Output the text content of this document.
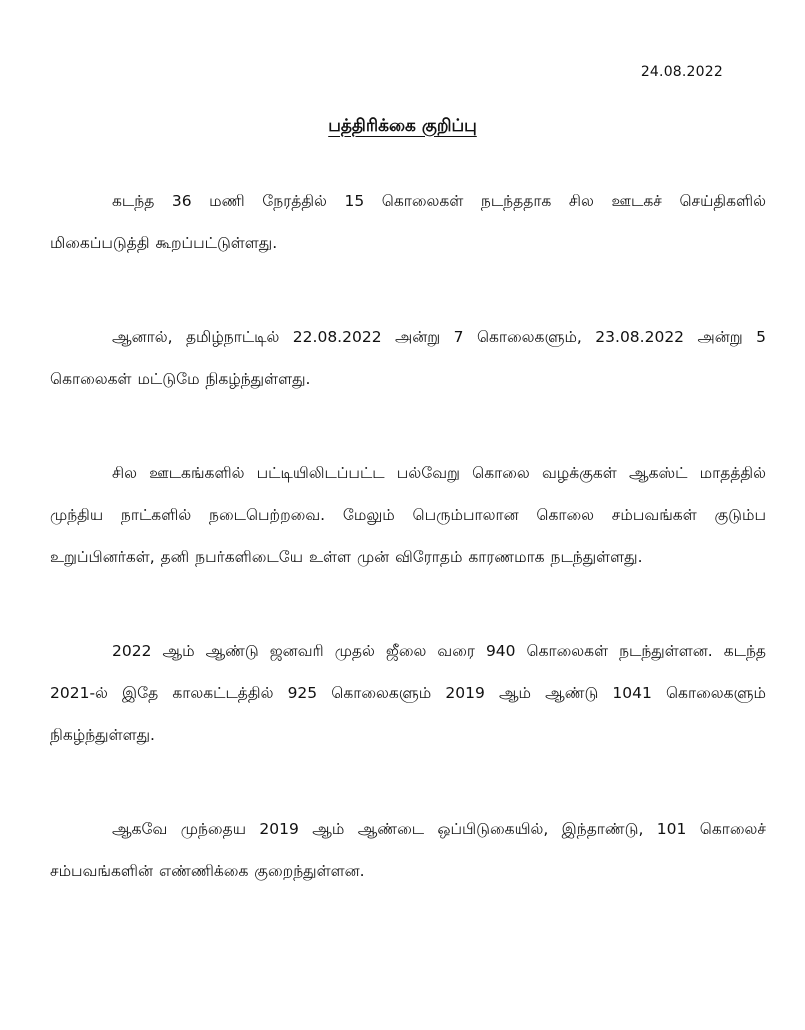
24.08.2022
பத்திரிக்கை குறிப்பு

கடந்த 36 மணி நேரத்தில் 15 கொலைகள் நடந்ததாக சில ஊடகச் செய்திகளில் மிகைப்படுத்தி கூறப்பட்டுள்ளது.

ஆனால், தமிழ்நாட்டில் 22.08.2022 அன்று 7 கொலைகளும், 23.08.2022 அன்று 5 கொலைகள் மட்டுமே நிகழ்ந்துள்ளது.

சில ஊடகங்களில் பட்டியிலிடப்பட்ட பல்வேறு கொலை வழக்குகள் ஆகஸ்ட் மாதத்தில் முந்திய நாட்களில் நடைபெற்றவை. மேலும் பெரும்பாலான கொலை சம்பவங்கள் குடும்ப உறுப்பினர்கள், தனி நபர்களிடையே உள்ள முன் விரோதம் காரணமாக நடந்துள்ளது.

2022 ஆம் ஆண்டு ஜனவரி முதல் ஜீலை வரை 940 கொலைகள் நடந்துள்ளன. கடந்த 2021-ல் இதே காலகட்டத்தில் 925 கொலைகளும் 2019 ஆம் ஆண்டு 1041 கொலைகளும் நிகழ்ந்துள்ளது.

ஆகவே முந்தைய 2019 ஆம் ஆண்டை ஒப்பிடுகையில், இந்தாண்டு, 101 கொலைச் சம்பவங்களின் எண்ணிக்கை குறைந்துள்ளன.
